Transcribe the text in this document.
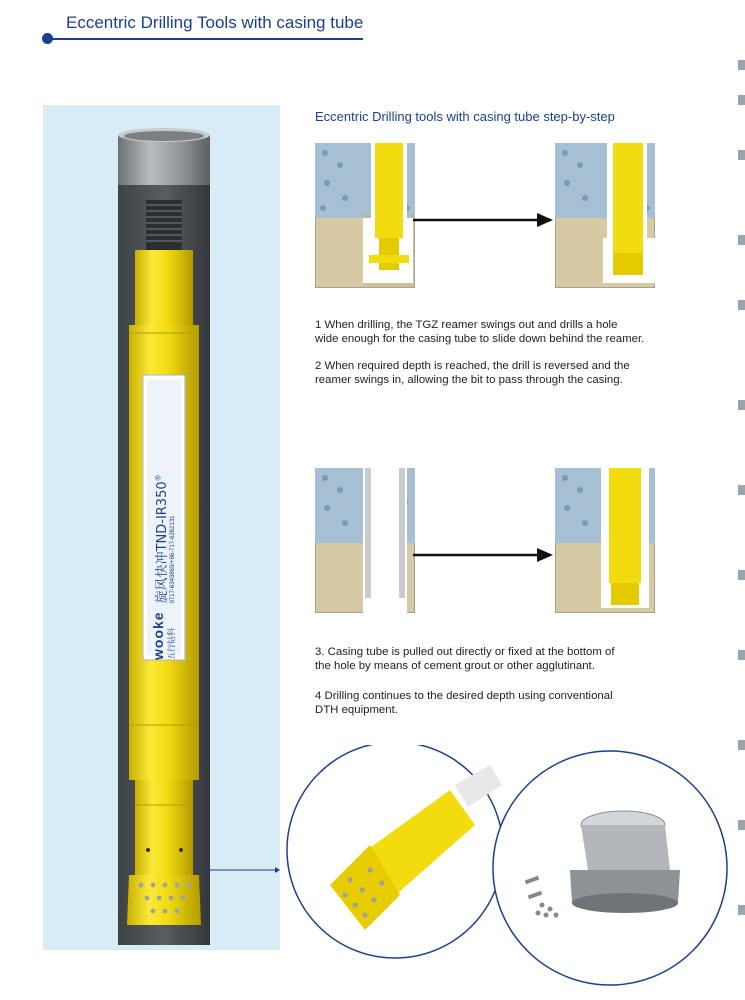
Eccentric Drilling Tools with casing tube
wooke 五行钻科
旋风快冲TND-IR350®
0717-6343869/+86-717-6262131
Eccentric Drilling tools with casing tube step-by-step

1 When drilling, the TGZ reamer swings out and drills a hole

wide enough for the casing tube to slide down behind the reamer.

2 When required depth is reached, the drill is reversed and the

reamer swings in, allowing the bit to pass through the casing.

3. Casing tube is pulled out directly or fixed at the bottom of

the hole by means of cement grout or other agglutinant.

4 Drilling continues to the desired depth using conventional

DTH equipment.
